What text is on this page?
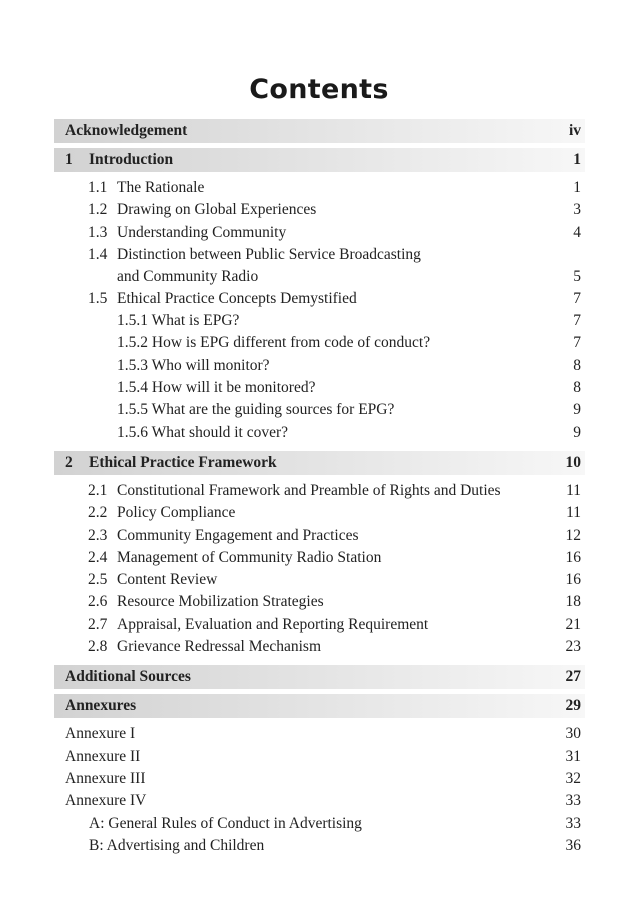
Contents
Acknowledgement	iv
1 Introduction	1
1.1 The Rationale	1
1.2 Drawing on Global Experiences	3
1.3 Understanding Community	4
1.4 Distinction between Public Service Broadcasting
and Community Radio	5
1.5 Ethical Practice Concepts Demystified	7
1.5.1 What is EPG?	7
1.5.2 How is EPG different from code of conduct?	7
1.5.3 Who will monitor?	8
1.5.4 How will it be monitored?	8
1.5.5 What are the guiding sources for EPG?	9
1.5.6 What should it cover?	9
2 Ethical Practice Framework	10
2.1 Constitutional Framework and Preamble of Rights and Duties	11
2.2 Policy Compliance	11
2.3 Community Engagement and Practices	12
2.4 Management of Community Radio Station	16
2.5 Content Review	16
2.6 Resource Mobilization Strategies	18
2.7 Appraisal, Evaluation and Reporting Requirement	21
2.8 Grievance Redressal Mechanism	23
Additional Sources	27
Annexures	29
Annexure I	30
Annexure II	31
Annexure III	32
Annexure IV	33
A: General Rules of Conduct in Advertising	33
B: Advertising and Children	36
